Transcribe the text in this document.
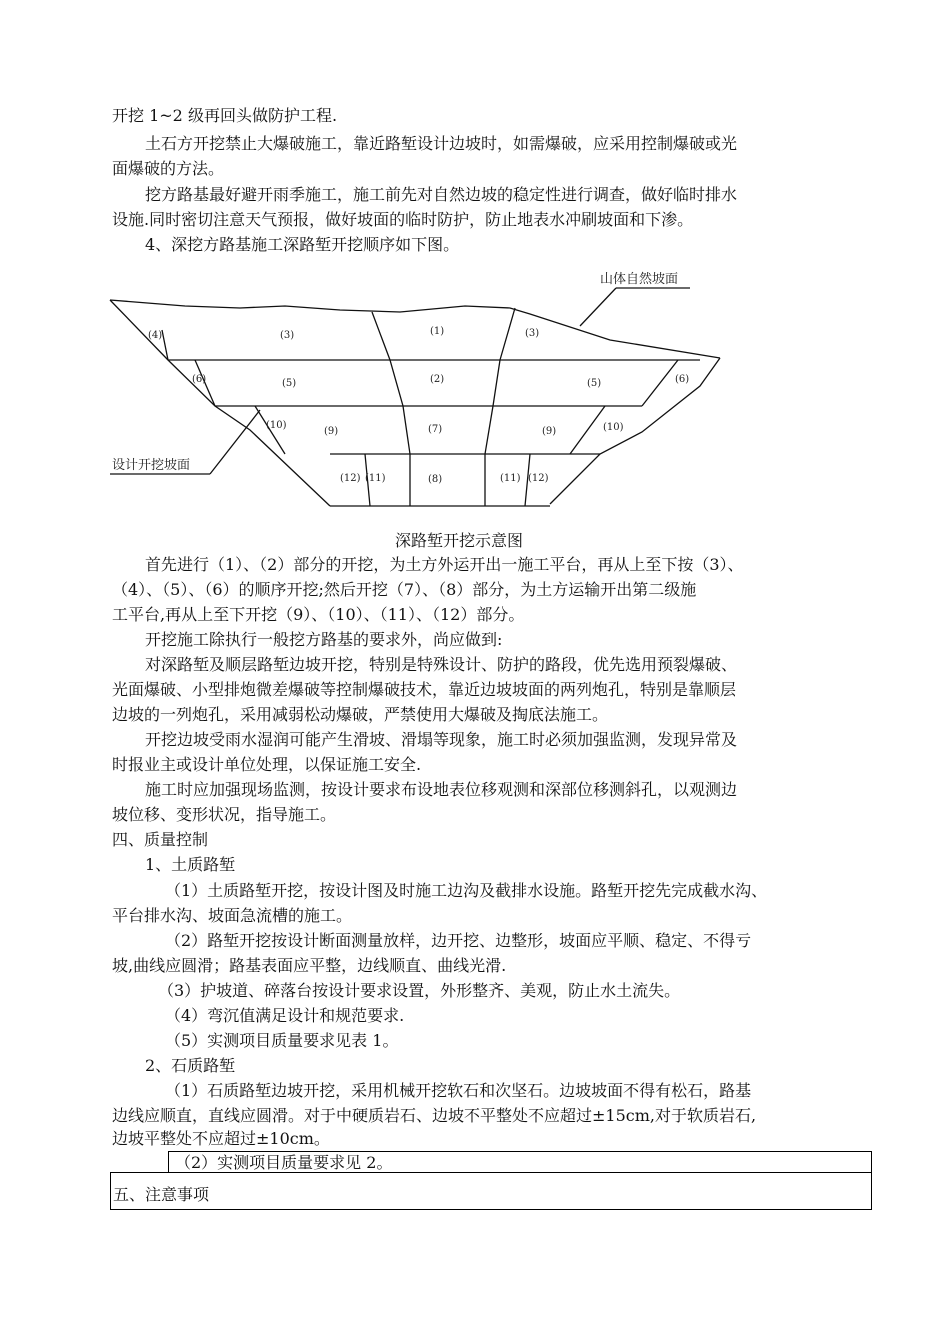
开挖 1~2 级再回头做防护工程.
土石方开挖禁止大爆破施工，靠近路堑设计边坡时，如需爆破，应采用控制爆破或光
面爆破的方法。
挖方路基最好避开雨季施工，施工前先对自然边坡的稳定性进行调查，做好临时排水
设施.同时密切注意天气预报，做好坡面的临时防护，防止地表水冲刷坡面和下渗。
4、深挖方路基施工深路堑开挖顺序如下图。
山体自然坡面
设计开挖坡面
(4)	(3)	(1)	(3)
(6)	(5)	(2)	(5)	(6)
(10)
(9)	(7)	(9)	(10)
(12) (11)	(8)	(11) (12)
深路堑开挖示意图
首先进行（1）、（2）部分的开挖，为土方外运开出一施工平台，再从上至下按（3）、
（4）、（5）、（6）的顺序开挖;然后开挖（7）、（8）部分，为土方运输开出第二级施
工平台,再从上至下开挖（9）、（10）、（11）、（12）部分。
开挖施工除执行一般挖方路基的要求外，尚应做到:
对深路堑及顺层路堑边坡开挖，特别是特殊设计、防护的路段，优先选用预裂爆破、
光面爆破、小型排炮微差爆破等控制爆破技术，靠近边坡坡面的两列炮孔，特别是靠顺层
边坡的一列炮孔，采用减弱松动爆破，严禁使用大爆破及掏底法施工。
开挖边坡受雨水湿润可能产生滑坡、滑塌等现象，施工时必须加强监测，发现异常及
时报业主或设计单位处理，以保证施工安全.
施工时应加强现场监测，按设计要求布设地表位移观测和深部位移测斜孔，以观测边
坡位移、变形状况，指导施工。
四、质量控制
1、土质路堑
（1）土质路堑开挖，按设计图及时施工边沟及截排水设施。路堑开挖先完成截水沟、
平台排水沟、坡面急流槽的施工。
（2）路堑开挖按设计断面测量放样，边开挖、边整形，坡面应平顺、稳定、不得亏
坡,曲线应圆滑；路基表面应平整，边线顺直、曲线光滑.
（3）护坡道、碎落台按设计要求设置，外形整齐、美观，防止水土流失。
（4）弯沉值满足设计和规范要求.
（5）实测项目质量要求见表 1。
2、石质路堑
（1）石质路堑边坡开挖，采用机械开挖软石和次坚石。边坡坡面不得有松石，路基
边线应顺直，直线应圆滑。对于中硬质岩石、边坡不平整处不应超过±15cm,对于软质岩石,
边坡平整处不应超过±10cm。
（2）实测项目质量要求见 2。
五、注意事项
